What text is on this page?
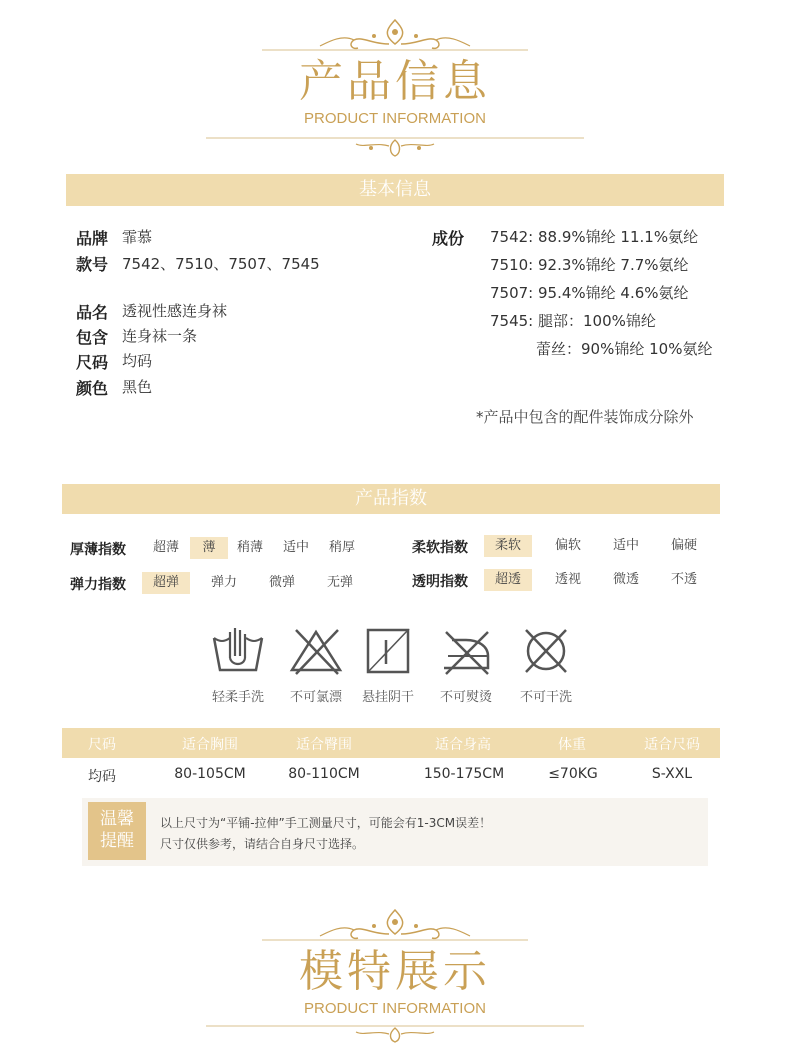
产品信息
PRODUCT INFORMATION
基本信息
品牌 霏慕
款号 7542、7510、7507、7545
品名 透视性感连身袜
包含 连身袜一条
尺码 均码
颜色 黑色
成份 7542: 88.9%锦纶 11.1%氨纶
7510: 92.3%锦纶 7.7%氨纶
7507: 95.4%锦纶 4.6%氨纶
7545: 腿部：100%锦纶
蕾丝：90%锦纶 10%氨纶
*产品中包含的配件装饰成分除外
产品指数
厚薄指数	超薄	薄	稍薄	适中	稍厚	柔软指数	柔软	偏软	适中	偏硬
弹力指数	超弹	弹力	微弹	无弹	透明指数	超透	透视	微透	不透
轻柔手洗	不可氯漂	悬挂阴干	不可熨烫	不可干洗
尺码	适合胸围	适合臀围	适合身高	体重	适合尺码
均码	80-105CM	80-110CM	150-175CM	≤70KG	S-XXL
温馨
提醒
以上尺寸为“平铺-拉伸”手工测量尺寸，可能会有1-3CM误差！
尺寸仅供参考，请结合自身尺寸选择。
模特展示
PRODUCT INFORMATION
